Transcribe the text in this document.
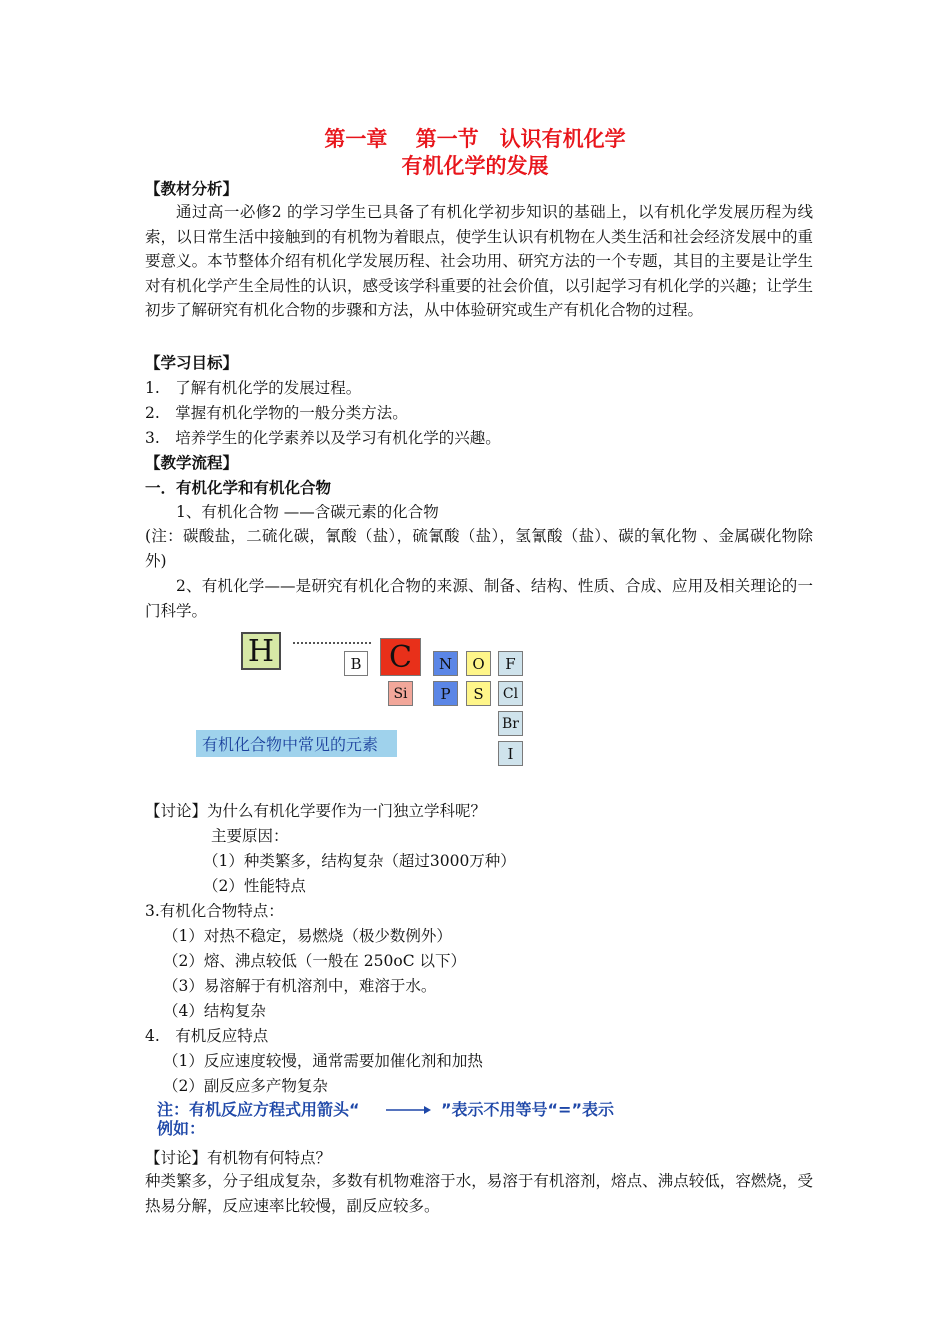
第一章　 第一节　认识有机化学
有机化学的发展
【教材分析】
通过高一必修2 的学习学生已具备了有机化学初步知识的基础上，以有机化学发展历程为线索，以日常生活中接触到的有机物为着眼点，使学生认识有机物在人类生活和社会经济发展中的重要意义。本节整体介绍有机化学发展历程、社会功用、研究方法的一个专题，其目的主要是让学生对有机化学产生全局性的认识，感受该学科重要的社会价值，以引起学习有机化学的兴趣；让学生初步了解研究有机化合物的步骤和方法，从中体验研究或生产有机化合物的过程。
【学习目标】
1.　了解有机化学的发展过程。
2.　掌握有机化学物的一般分类方法。
3.　培养学生的化学素养以及学习有机化学的兴趣。
【教学流程】
一．有机化学和有机化合物
1、有机化合物 ——含碳元素的化合物
(注：碳酸盐，二硫化碳，氰酸（盐），硫氰酸（盐），氢氰酸（盐）、碳的氧化物 、金属碳化物除外)
2、有机化学——是研究有机化合物的来源、制备、结构、性质、合成、应用及相关理论的一门科学。
H	B C	N	O	F
Si	P	S	Cl
Br
I
有机化合物中常见的元素
【讨论】为什么有机化学要作为一门独立学科呢？
主要原因：
（1）种类繁多，结构复杂（超过3000万种）
（2）性能特点
3.有机化合物特点：
（1）对热不稳定，易燃烧（极少数例外）
（2）熔、沸点较低（一般在 250oC 以下）
（3）易溶解于有机溶剂中，难溶于水。
（4）结构复杂
4.　有机反应特点
（1）反应速度较慢，通常需要加催化剂和加热
（2）副反应多产物复杂
注：有机反应方程式用箭头“	”表示不用等号“=”表示
例如：
【讨论】有机物有何特点？
种类繁多，分子组成复杂，多数有机物难溶于水，易溶于有机溶剂，熔点、沸点较低，容燃烧，受热易分解，反应速率比较慢，副反应较多。
